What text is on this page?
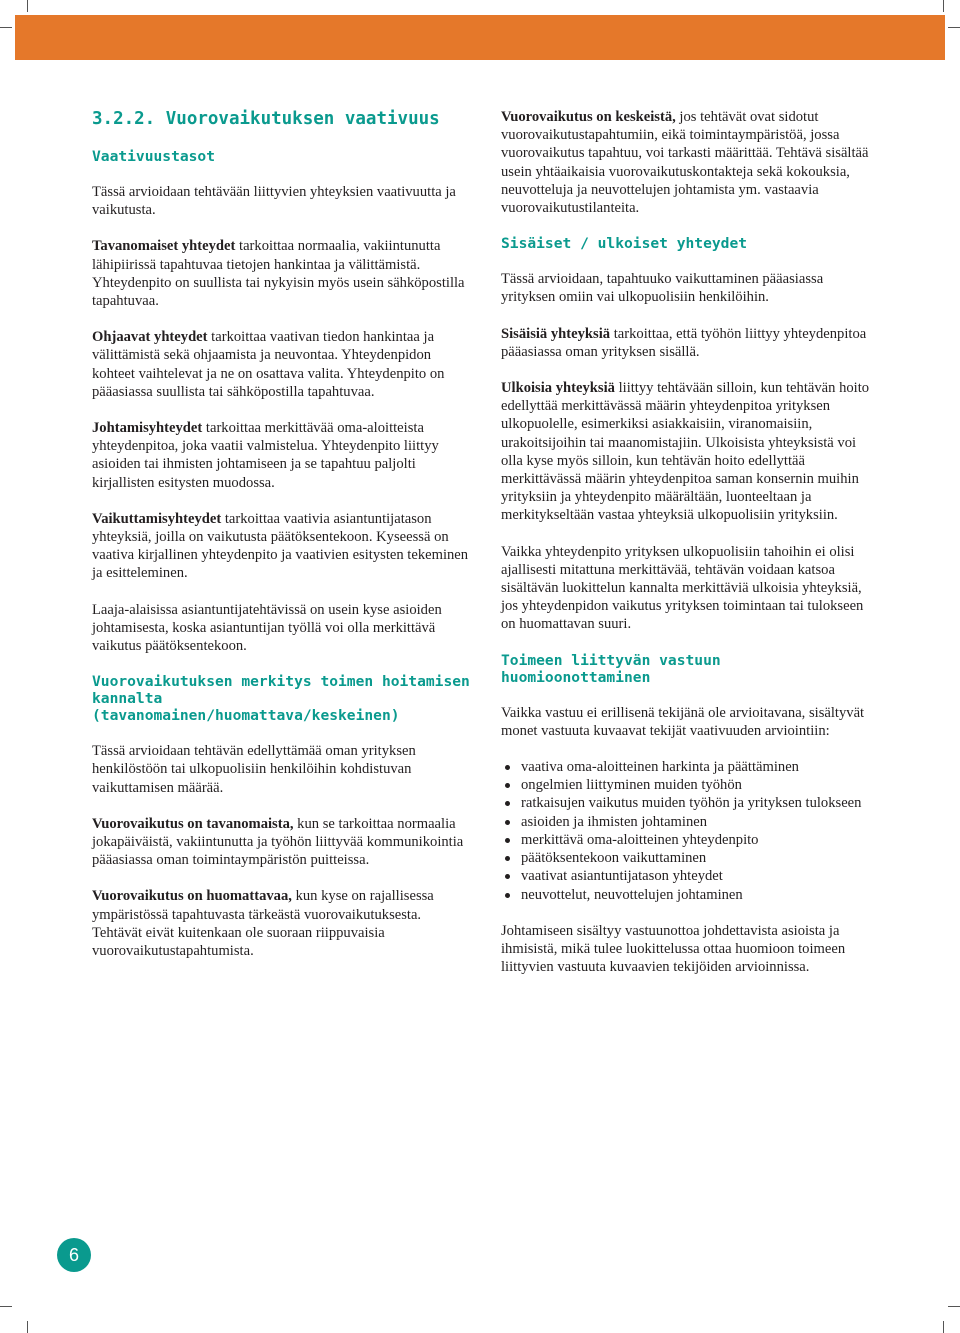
3.2.2. Vuorovaikutuksen vaativuus
Vaativuustasot

Tässä arvioidaan tehtävään liittyvien yhteyksien vaativuutta ja vaikutusta.

Tavanomaiset yhteydet tarkoittaa normaalia, vakiintunutta lähipiirissä tapahtuvaa tietojen hankintaa ja välittämistä. Yhteydenpito on suullista tai nykyisin myös usein sähköpostilla tapahtuvaa.

Ohjaavat yhteydet tarkoittaa vaativan tiedon hankintaa ja välittämistä sekä ohjaamista ja neuvontaa. Yhteydenpidon kohteet vaihtelevat ja ne on osattava valita. Yhteydenpito on pääasiassa suullista tai sähköpostilla tapahtuvaa.

Johtamisyhteydet tarkoittaa merkittävää oma-aloitteista yhteydenpitoa, joka vaatii valmistelua. Yhteydenpito liittyy asioiden tai ihmisten johtamiseen ja se tapahtuu paljolti kirjallisten esitysten muodossa.

Vaikuttamisyhteydet tarkoittaa vaativia asiantuntijatason yhteyksiä, joilla on vaikutusta päätöksentekoon. Kyseessä on vaativa kirjallinen yhteydenpito ja vaativien esitysten tekeminen ja esitteleminen.

Laaja-alaisissa asiantuntijatehtävissä on usein kyse asioiden johtamisesta, koska asiantuntijan työllä voi olla merkittävä vaikutus päätöksentekoon.

Vuorovaikutuksen merkitys toimen hoitamisen kannalta (tavanomainen/huomattava/keskeinen)

Tässä arvioidaan tehtävän edellyttämää oman yrityksen henkilöstöön tai ulkopuolisiin henkilöihin kohdistuvan vaikuttamisen määrää.

Vuorovaikutus on tavanomaista, kun se tarkoittaa normaalia jokapäiväistä, vakiintunutta ja työhön liittyvää kommunikointia pääasiassa oman toimintaympäristön puitteissa.

Vuorovaikutus on huomattavaa, kun kyse on rajallisessa ympäristössä tapahtuvasta tärkeästä vuorovaikutuksesta. Tehtävät eivät kuitenkaan ole suoraan riippuvaisia vuorovaikutustapahtumista.

Vuorovaikutus on keskeistä, jos tehtävät ovat sidotut vuorovaikutustapahtumiin, eikä toimintaympäristöä, jossa vuorovaikutus tapahtuu, voi tarkasti määrittää. Tehtävä sisältää usein yhtäaikaisia vuorovaikutuskontakteja sekä kokouksia, neuvotteluja ja neuvottelujen johtamista ym. vastaavia vuorovaikutustilanteita.

Sisäiset / ulkoiset yhteydet

Tässä arvioidaan, tapahtuuko vaikuttaminen pääasiassa yrityksen omiin vai ulkopuolisiin henkilöihin.

Sisäisiä yhteyksiä tarkoittaa, että työhön liittyy yhteydenpitoa pääasiassa oman yrityksen sisällä.

Ulkoisia yhteyksiä liittyy tehtävään silloin, kun tehtävän hoito edellyttää merkittävässä määrin yhteydenpitoa yrityksen ulkopuolelle, esimerkiksi asiakkaisiin, viranomaisiin, urakoitsijoihin tai maanomistajiin. Ulkoisista yhteyksistä voi olla kyse myös silloin, kun tehtävän hoito edellyttää merkittävässä määrin yhteydenpitoa saman konsernin muihin yrityksiin ja yhteydenpito määrältään, luonteeltaan ja merkitykseltään vastaa yhteyksiä ulkopuolisiin yrityksiin.

Vaikka yhteydenpito yrityksen ulkopuolisiin tahoihin ei olisi ajallisesti mitattuna merkittävää, tehtävän voidaan katsoa sisältävän luokittelun kannalta merkittäviä ulkoisia yhteyksiä, jos yhteydenpidon vaikutus yrityksen toimintaan tai tulokseen on huomattavan suuri.

Toimeen liittyvän vastuun huomioonottaminen

Vaikka vastuu ei erillisenä tekijänä ole arvioitavana, sisältyvät monet vastuuta kuvaavat tekijät vaativuuden arviointiin:

vaativa oma-aloitteinen harkinta ja päättäminen
ongelmien liittyminen muiden työhön
ratkaisujen vaikutus muiden työhön ja yrityksen tulokseen
asioiden ja ihmisten johtaminen
merkittävä oma-aloitteinen yhteydenpito
päätöksentekoon vaikuttaminen
vaativat asiantuntijatason yhteydet
neuvottelut, neuvottelujen johtaminen

Johtamiseen sisältyy vastuunottoa johdettavista asioista ja ihmisistä, mikä tulee luokittelussa ottaa huomioon toimeen liittyvien vastuuta kuvaavien tekijöiden arvioinnissa.

6
